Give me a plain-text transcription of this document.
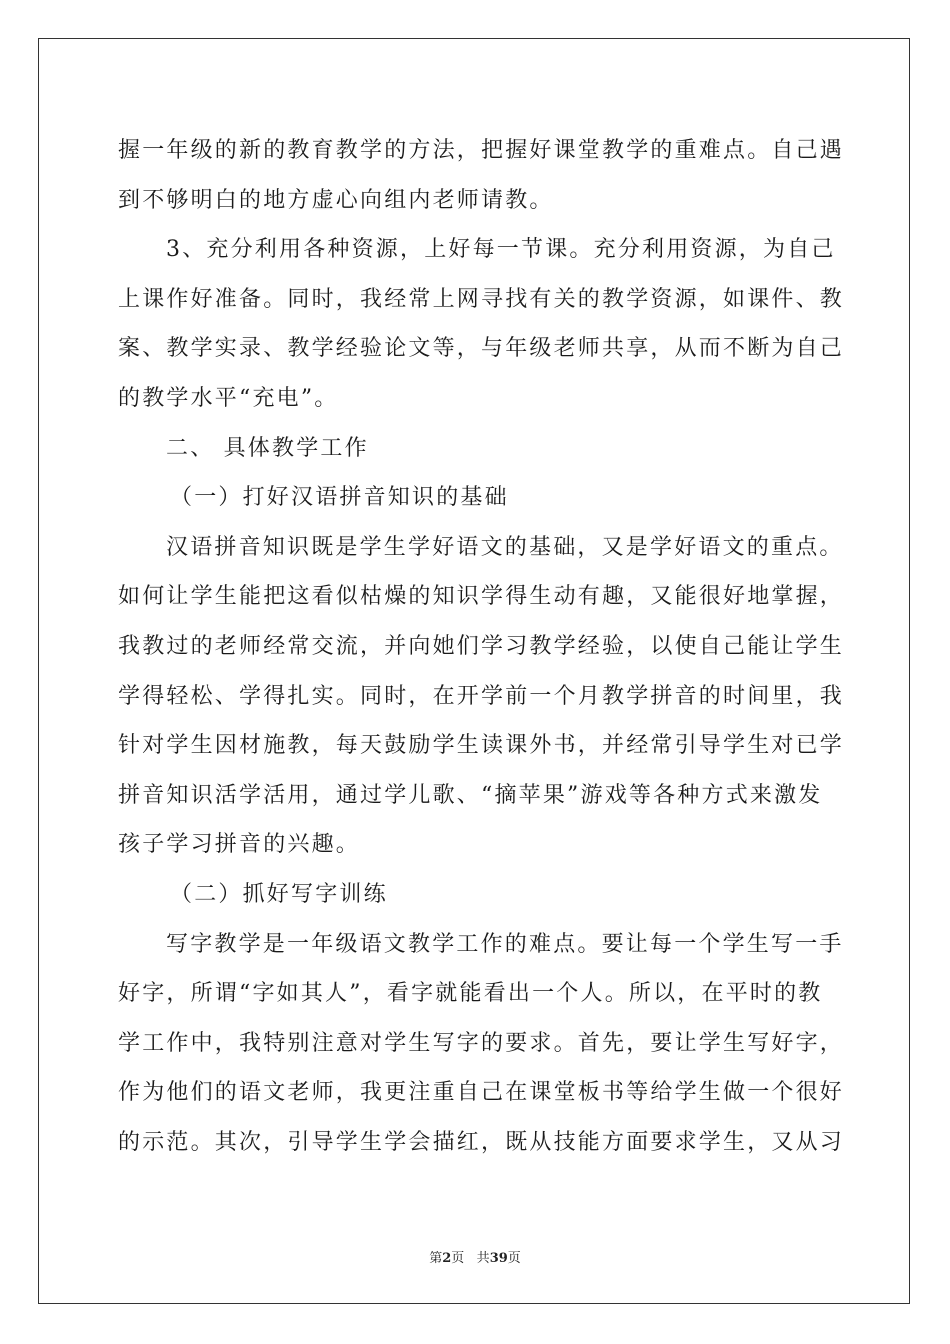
握一年级的新的教育教学的方法，把握好课堂教学的重难点。自己遇
到不够明白的地方虚心向组内老师请教。
3、充分利用各种资源，上好每一节课。充分利用资源，为自己
上课作好准备。同时，我经常上网寻找有关的教学资源，如课件、教
案、教学实录、教学经验论文等，与年级老师共享，从而不断为自己
的教学水平“充电”。
二、 具体教学工作
（一）打好汉语拼音知识的基础
汉语拼音知识既是学生学好语文的基础，又是学好语文的重点。
如何让学生能把这看似枯燥的知识学得生动有趣，又能很好地掌握，
我教过的老师经常交流，并向她们学习教学经验，以使自己能让学生
学得轻松、学得扎实。同时，在开学前一个月教学拼音的时间里，我
针对学生因材施教，每天鼓励学生读课外书，并经常引导学生对已学
拼音知识活学活用，通过学儿歌、“摘苹果”游戏等各种方式来激发
孩子学习拼音的兴趣。
（二）抓好写字训练
写字教学是一年级语文教学工作的难点。要让每一个学生写一手
好字，所谓“字如其人”，看字就能看出一个人。所以，在平时的教
学工作中，我特别注意对学生写字的要求。首先，要让学生写好字，
作为他们的语文老师，我更注重自己在课堂板书等给学生做一个很好
的示范。其次，引导学生学会描红，既从技能方面要求学生，又从习
第2页 共39页
